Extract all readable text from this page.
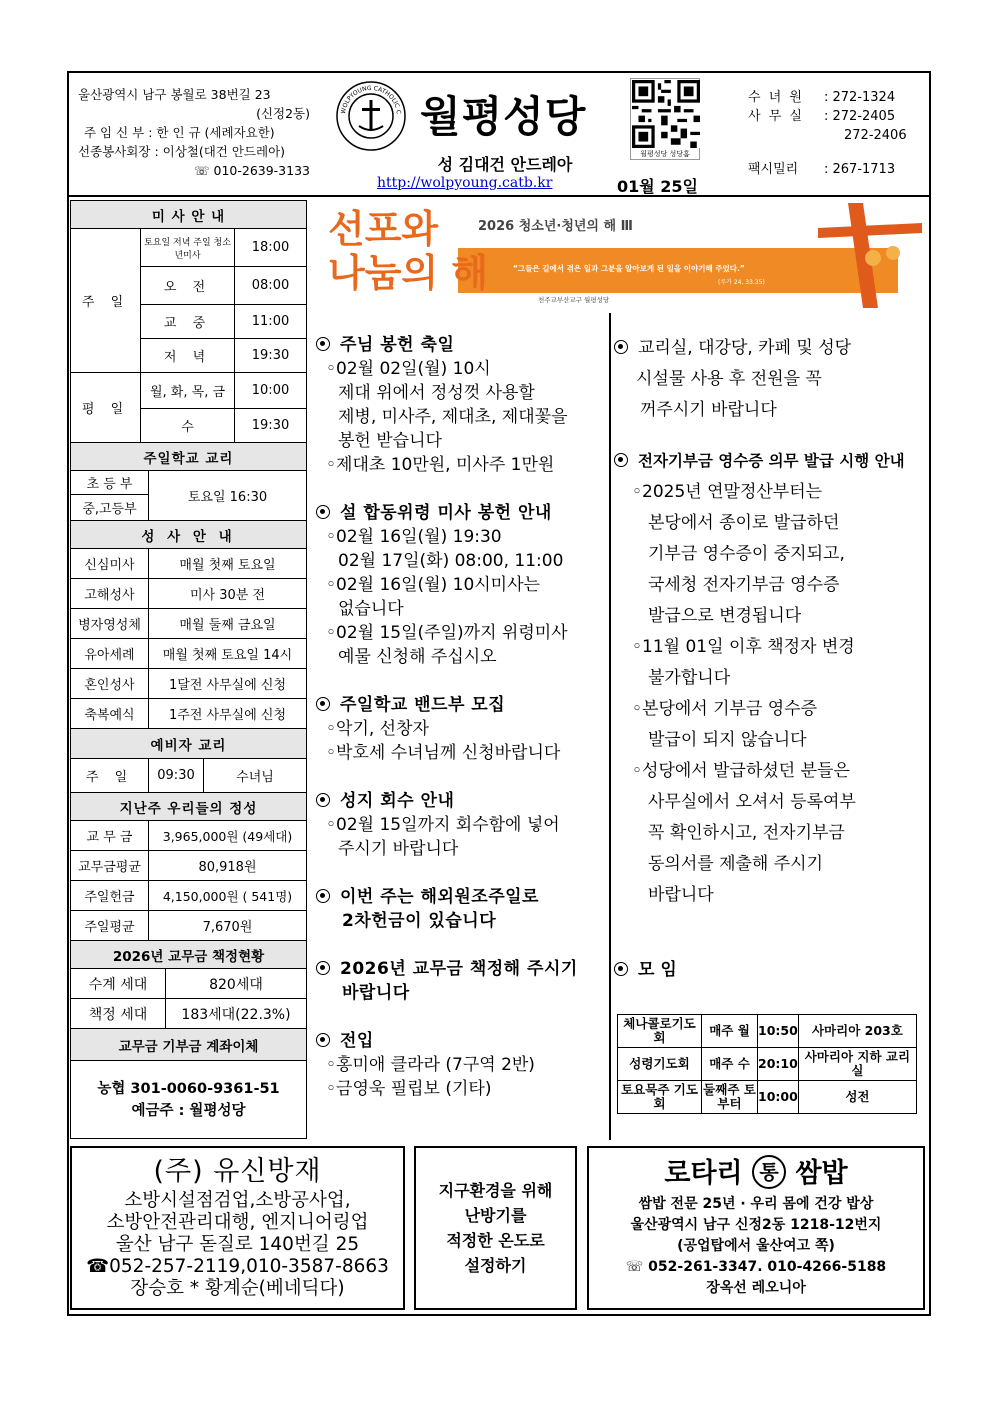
울산광역시 남구 봉월로 38번길 23
(신정2동)
주 임 신 부 : 한 인 규 (세례자요한)
선종봉사회장 : 이상철(대건 안드레아)
☏ 010-2639-3133
WOLPYOUNG CATHOLIC C 월평성당
성 김대건 안드레아
http://wolpyoung.catb.kr	01월 25일
월평성당 성당홈
수 녀 원	: 272-1324
사 무 실	: 272-2405
272-2406
팩시밀리	: 267-1713
미 사 안 내		
주 일	토요일 저녁 주일 청소년미사	18:00
	오 전	08:00
	교 중	11:00
	저 녁	19:30
평 일	월, 화, 목, 금	10:00
	수	19:30
주일학교 교리
초 등 부	토요일 16:30
중,고등부
성 사 안 내	
신심미사	매월 첫째 토요일
고해성사	미사 30분 전
병자영성체	매월 둘째 금요일
유아세례	매월 첫째 토요일 14시
혼인성사	1달전 사무실에 신청
축복예식	1주전 사무실에 신청
예비자 교리
주 일	09:30	수녀님
지난주 우리들의 정성	
교 무 금	3,965,000원 (49세대)
교무금평균	80,918원
주일헌금	4,150,000원 ( 541명)
주일평균	7,670원
2026년 교무금 책정현황	
수계 세대	820세대
책정 세대	183세대(22.3%)
교무금 기부금 계좌이체

농협 301-0060-9361-51
예금주 : 월평성당
선포와
나눔의 해
2026 청소년·청년의 해 Ⅲ
“그들은 길에서 겪은 일과 그분을 알아보게 된 일을 이야기해 주었다.”
(루카 24, 33.35)
천주교부산교구 월평성당
주님 봉헌 축일
◦02월 02일(월) 10시
제대 위에서 정성껏 사용할
제병, 미사주, 제대초, 제대꽃을
봉헌 받습니다
◦제대초 10만원, 미사주 1만원
설 합동위령 미사 봉헌 안내
◦02월 16일(월) 19:30
02월 17일(화) 08:00, 11:00
◦02월 16일(월) 10시미사는
없습니다
◦02월 15일(주일)까지 위령미사
예물 신청해 주십시오
주일학교 밴드부 모집
◦악기, 선창자
◦박호세 수녀님께 신청바랍니다
성지 회수 안내
◦02월 15일까지 회수함에 넣어
주시기 바랍니다
이번 주는 해외원조주일로
2차헌금이 있습니다
2026년 교무금 책정해 주시기
바랍니다
전입
◦홍미애 클라라 (7구역 2반)
◦금영욱 필립보 (기타)
교리실, 대강당, 카페 및 성당
시설물 사용 후 전원을 꼭
꺼주시기 바랍니다
전자기부금 영수증 의무 발급 시행 안내
◦2025년 연말정산부터는
본당에서 종이로 발급하던
기부금 영수증이 중지되고,
국세청 전자기부금 영수증
발급으로 변경됩니다
◦11월 01일 이후 책정자 변경
불가합니다
◦본당에서 기부금 영수증
발급이 되지 않습니다
◦성당에서 발급하셨던 분들은
사무실에서 오셔서 등록여부
꼭 확인하시고, 전자기부금
동의서를 제출해 주시기
바랍니다
모 임
체나콜로기도회	매주 월	10:50	사마리아 203호
성령기도회	매주 수	20:10	사마리아 지하 교리실
토요묵주 기도회	둘째주 토부터	10:00	성전
(주) 유신방재
소방시설점검업,소방공사업,
소방안전관리대행, 엔지니어링업
울산 남구 돋질로 140번길 25
☎052-257-2119,010-3587-8663
장승호 * 황계순(베네딕다)
지구환경을 위해
난방기를
적정한 온도로
설정하기
로타리 통 쌈밥
쌈밥 전문 25년 · 우리 몸에 건강 밥상
울산광역시 남구 신정2동 1218-12번지
(공업탑에서 울산여고 쪽)
☏ 052-261-3347. 010-4266-5188
장옥선 레오니아
